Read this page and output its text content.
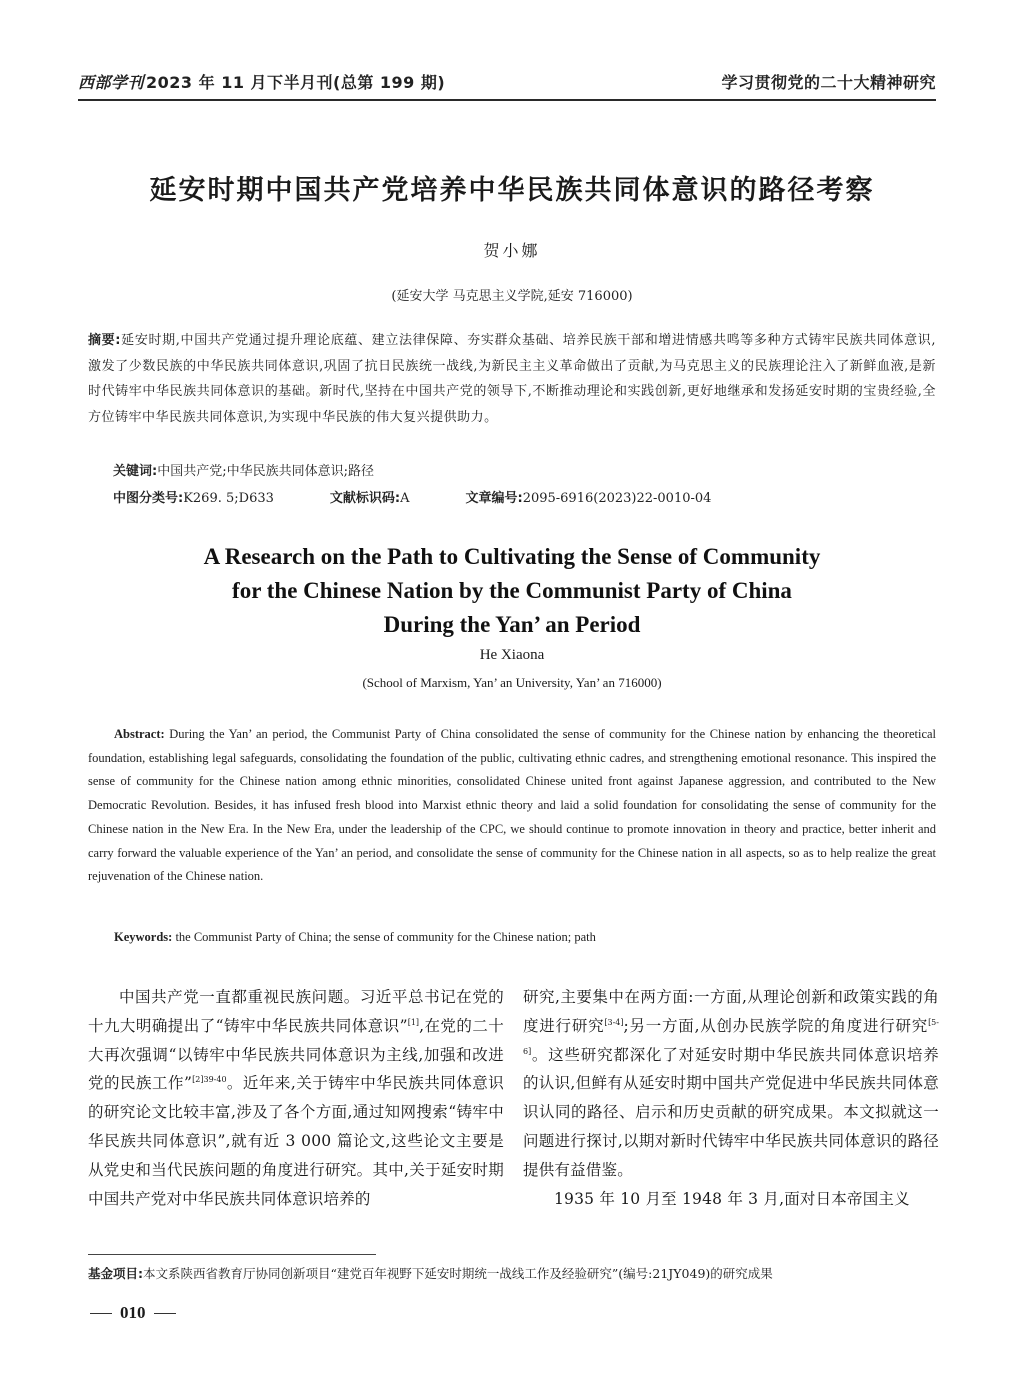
西部学刊 2023 年 11 月下半月刊(总第 199 期)	学习贯彻党的二十大精神研究
延安时期中国共产党培养中华民族共同体意识的路径考察
贺小娜
(延安大学 马克思主义学院,延安 716000)
摘要:延安时期,中国共产党通过提升理论底蕴、建立法律保障、夯实群众基础、培养民族干部和增进情感共鸣等多种方式铸牢民族共同体意识,激发了少数民族的中华民族共同体意识,巩固了抗日民族统一战线,为新民主主义革命做出了贡献,为马克思主义的民族理论注入了新鲜血液,是新时代铸牢中华民族共同体意识的基础。新时代,坚持在中国共产党的领导下,不断推动理论和实践创新,更好地继承和发扬延安时期的宝贵经验,全方位铸牢中华民族共同体意识,为实现中华民族的伟大复兴提供助力。
关键词:中国共产党;中华民族共同体意识;路径
中图分类号:K269. 5;D633	文献标识码:A	文章编号:2095-6916(2023)22-0010-04
A Research on the Path to Cultivating the Sense of Community
for the Chinese Nation by the Communist Party of China
During the Yan’ an Period
He Xiaona
(School of Marxism, Yan’ an University, Yan’ an 716000)
Abstract: During the Yan’ an period, the Communist Party of China consolidated the sense of community for the Chinese nation by enhancing the theoretical foundation, establishing legal safeguards, consolidating the foundation of the public, cultivating ethnic cadres, and strengthening emotional resonance. This inspired the sense of community for the Chinese nation among ethnic minorities, consolidated Chinese united front against Japanese aggression, and contributed to the New Democratic Revolution. Besides, it has infused fresh blood into Marxist ethnic theory and laid a solid foundation for consolidating the sense of community for the Chinese nation in the New Era. In the New Era, under the leadership of the CPC, we should continue to promote innovation in theory and practice, better inherit and carry forward the valuable experience of the Yan’ an period, and consolidate the sense of community for the Chinese nation in all aspects, so as to help realize the great rejuvenation of the Chinese nation.
Keywords: the Communist Party of China; the sense of community for the Chinese nation; path

中国共产党一直都重视民族问题。习近平总书记在党的十九大明确提出了“铸牢中华民族共同体意识”[1],在党的二十大再次强调“以铸牢中华民族共同体意识为主线,加强和改进党的民族工作”$^{[2]39-40}$。近年来,关于铸牢中华民族共同体意识的研究论文比较丰富,涉及了各个方面,通过知网搜索“铸牢中华民族共同体意识”,就有近 3 000 篇论文,这些论文主要是从党史和当代民族问题的角度进行研究。其中,关于延安时期中国共产党对中华民族共同体意识培养的

研究,主要集中在两方面:一方面,从理论创新和政策实践的角度进行研究[3-4];另一方面,从创办民族学院的角度进行研究[5-6]。这些研究都深化了对延安时期中华民族共同体意识培养的认识,但鲜有从延安时期中国共产党促进中华民族共同体意识认同的路径、启示和历史贡献的研究成果。本文拟就这一问题进行探讨,以期对新时代铸牢中华民族共同体意识的路径提供有益借鉴。

1935 年 10 月至 1948 年 3 月,面对日本帝国主义

基金项目:本文系陕西省教育厅协同创新项目“建党百年视野下延安时期统一战线工作及经验研究”(编号:21JY049)的研究成果
010
